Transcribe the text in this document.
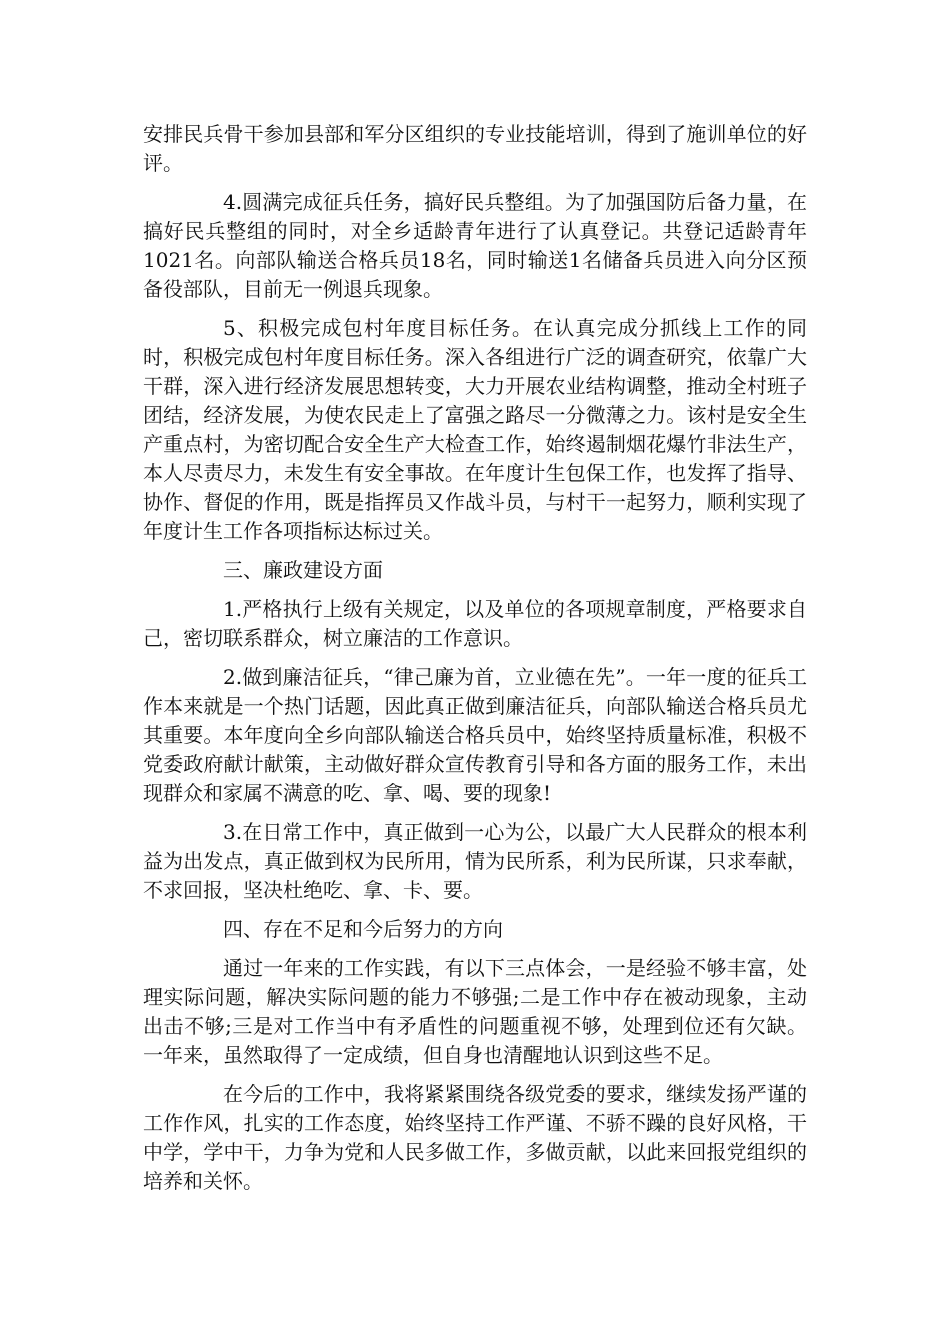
安排民兵骨干参加县部和军分区组织的专业技能培训，得到了施训单位的好评。

4.圆满完成征兵任务，搞好民兵整组。为了加强国防后备力量，在搞好民兵整组的同时，对全乡适龄青年进行了认真登记。共登记适龄青年1021名。向部队输送合格兵员18名，同时输送1名储备兵员进入向分区预备役部队，目前无一例退兵现象。

5、积极完成包村年度目标任务。在认真完成分抓线上工作的同时，积极完成包村年度目标任务。深入各组进行广泛的调查研究，依靠广大干群，深入进行经济发展思想转变，大力开展农业结构调整，推动全村班子团结，经济发展，为使农民走上了富强之路尽一分微薄之力。该村是安全生产重点村，为密切配合安全生产大检查工作，始终遏制烟花爆竹非法生产，本人尽责尽力，未发生有安全事故。在年度计生包保工作，也发挥了指导、协作、督促的作用，既是指挥员又作战斗员，与村干一起努力，顺利实现了年度计生工作各项指标达标过关。

三、廉政建设方面

1.严格执行上级有关规定，以及单位的各项规章制度，严格要求自己，密切联系群众，树立廉洁的工作意识。

2.做到廉洁征兵，“律己廉为首，立业德在先”。一年一度的征兵工作本来就是一个热门话题，因此真正做到廉洁征兵，向部队输送合格兵员尤其重要。本年度向全乡向部队输送合格兵员中，始终坚持质量标准，积极不党委政府献计献策，主动做好群众宣传教育引导和各方面的服务工作，未出现群众和家属不满意的吃、拿、喝、要的现象!

3.在日常工作中，真正做到一心为公，以最广大人民群众的根本利益为出发点，真正做到权为民所用，情为民所系，利为民所谋，只求奉献，不求回报，坚决杜绝吃、拿、卡、要。

四、存在不足和今后努力的方向

通过一年来的工作实践，有以下三点体会，一是经验不够丰富，处理实际问题，解决实际问题的能力不够强;二是工作中存在被动现象，主动出击不够;三是对工作当中有矛盾性的问题重视不够，处理到位还有欠缺。一年来，虽然取得了一定成绩，但自身也清醒地认识到这些不足。

在今后的工作中，我将紧紧围绕各级党委的要求，继续发扬严谨的工作作风，扎实的工作态度，始终坚持工作严谨、不骄不躁的良好风格，干中学，学中干，力争为党和人民多做工作，多做贡献，以此来回报党组织的培养和关怀。
